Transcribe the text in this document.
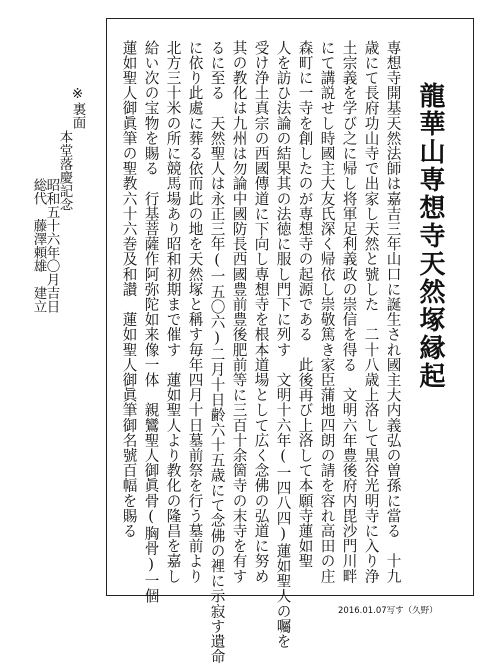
龍華山専想寺天然塚縁起
専想寺開基天然法師は嘉吉三年山口に誕生され國主大内義弘の曽孫に當る　十九
歳にて長府功山寺で出家し天然と號した　二十八歳上洛して黒谷光明寺に入り浄
土宗義を学び之に帰し将軍足利義政の崇信を得る　文明六年豊後府内毘沙門川畔
にて講説せし時國主大友氏深く帰依し崇敬篤き家臣蒲地四朗の請を容れ高田の庄
森町に一寺を創したのが専想寺の起源である　此後再び上洛して本願寺蓮如聖
人を訪ひ法論の結果其の法徳に服し門下に列す　文明十六年(一四八四)蓮如聖人の囑を
受け浄土真宗の西國傳道に下向し専想寺を根本道場として広く念佛の弘道に努め
其の教化は九州は勿論中國防長西國豊前豊後肥前等に三百十余箇寺の末寺を有す
るに至る　天然聖人は永正三年(一五〇六)二月十日齢六十五歳にて念佛の裡に示寂す遺命
に依り此處に葬る依而此の地を天然塚と稱す毎年四月十日墓前祭を行う墓前より
北方三十米の所に競馬場あり昭和初期まで催す　蓮如聖人より教化の隆昌を嘉し
給い次の宝物を賜る　行基菩薩作阿弥陀如来像一体　親鸞聖人御眞骨(胸骨)一個
蓮如聖人御眞筆の聖教六十六巻及和讃　蓮如聖人御眞筆御名號百幅を賜る
※裏面
本堂落慶記念
昭和五十六年〇月吉日
総代　藤澤頼雄　建立
2016.01.07写す（久野）
